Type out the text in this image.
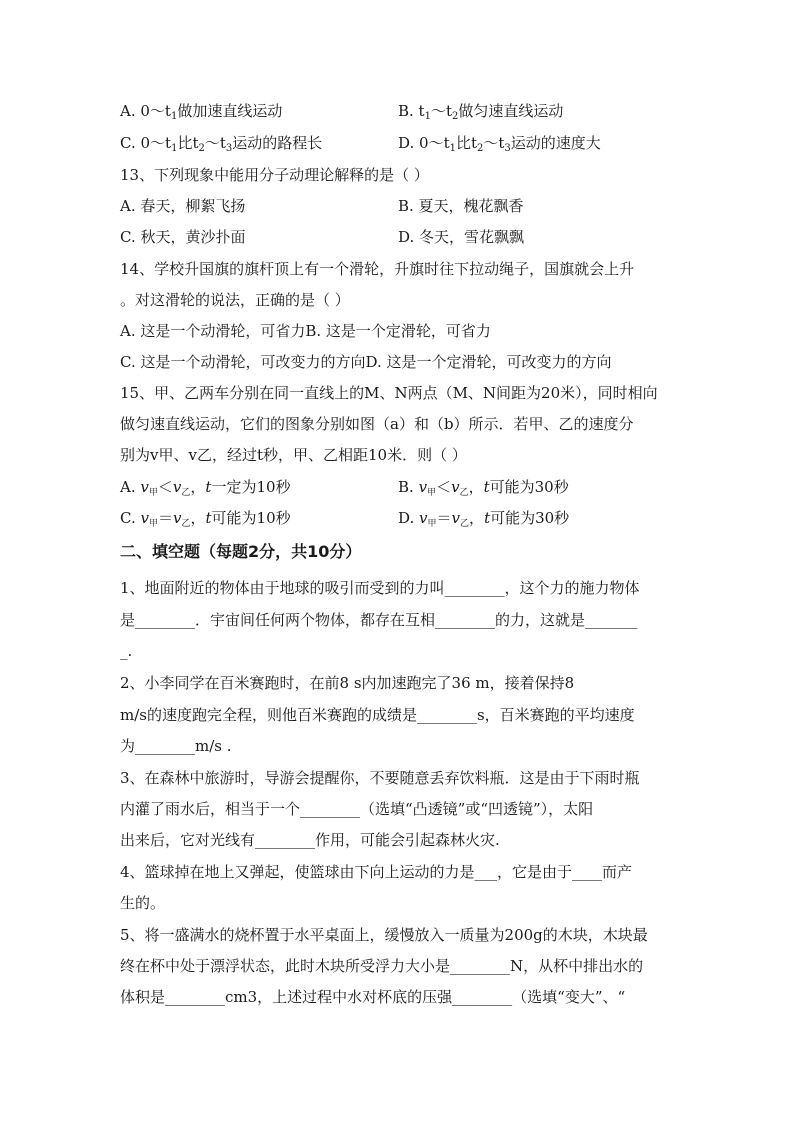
A. $0\sim t_1$做加速直线运动	B. $t_1\sim t_2$做匀速直线运动
C. $0\sim t_1$比$t_2\sim t_3$运动的路程长	D. $0\sim t_1$比$t_2\sim t_3$运动的速度大
13、下列现象中能用分子动理论解释的是（ ）
A. 春天，柳絮飞扬	B. 夏天，槐花飘香
C. 秋天，黄沙扑面	D. 冬天，雪花飘飘
14、学校升国旗的旗杆顶上有一个滑轮，升旗时往下拉动绳子，国旗就会上升
。对这滑轮的说法，正确的是（ ）
A. 这是一个动滑轮，可省力B. 这是一个定滑轮，可省力
C. 这是一个动滑轮，可改变力的方向D. 这是一个定滑轮，可改变力的方向
15、甲、乙两车分别在同一直线上的M、N两点（M、N间距为20米），同时相向
做匀速直线运动，它们的图象分别如图（a）和（b）所示．若甲、乙的速度分
别为v甲、v乙，经过t秒，甲、乙相距10米．则（ ）
A. $v_甲<v_乙$，t一定为10秒	B. $v_甲<v_乙$，t可能为30秒
C. $v_甲=v_乙$，t可能为10秒	D. $v_甲=v_乙$，t可能为30秒
二、填空题（每题2分，共10分）
1、地面附近的物体由于地球的吸引而受到的力叫________，这个力的施力物体
是________．宇宙间任何两个物体，都存在互相________的力，这就是_______
_.
2、小李同学在百米赛跑时，在前8 s内加速跑完了36 m，接着保持8
m/s的速度跑完全程，则他百米赛跑的成绩是________s，百米赛跑的平均速度
为________m/s .
3、在森林中旅游时，导游会提醒你，不要随意丢弃饮料瓶．这是由于下雨时瓶
内灌了雨水后，相当于一个________（选填“凸透镜”或“凹透镜”），太阳
出来后，它对光线有________作用，可能会引起森林火灾.
4、篮球掉在地上又弹起，使篮球由下向上运动的力是___，它是由于____而产
生的。
5、将一盛满水的烧杯置于水平桌面上，缓慢放入一质量为200g的木块，木块最
终在杯中处于漂浮状态，此时木块所受浮力大小是________N，从杯中排出水的
体积是________cm3，上述过程中水对杯底的压强________（选填“变大”、“
